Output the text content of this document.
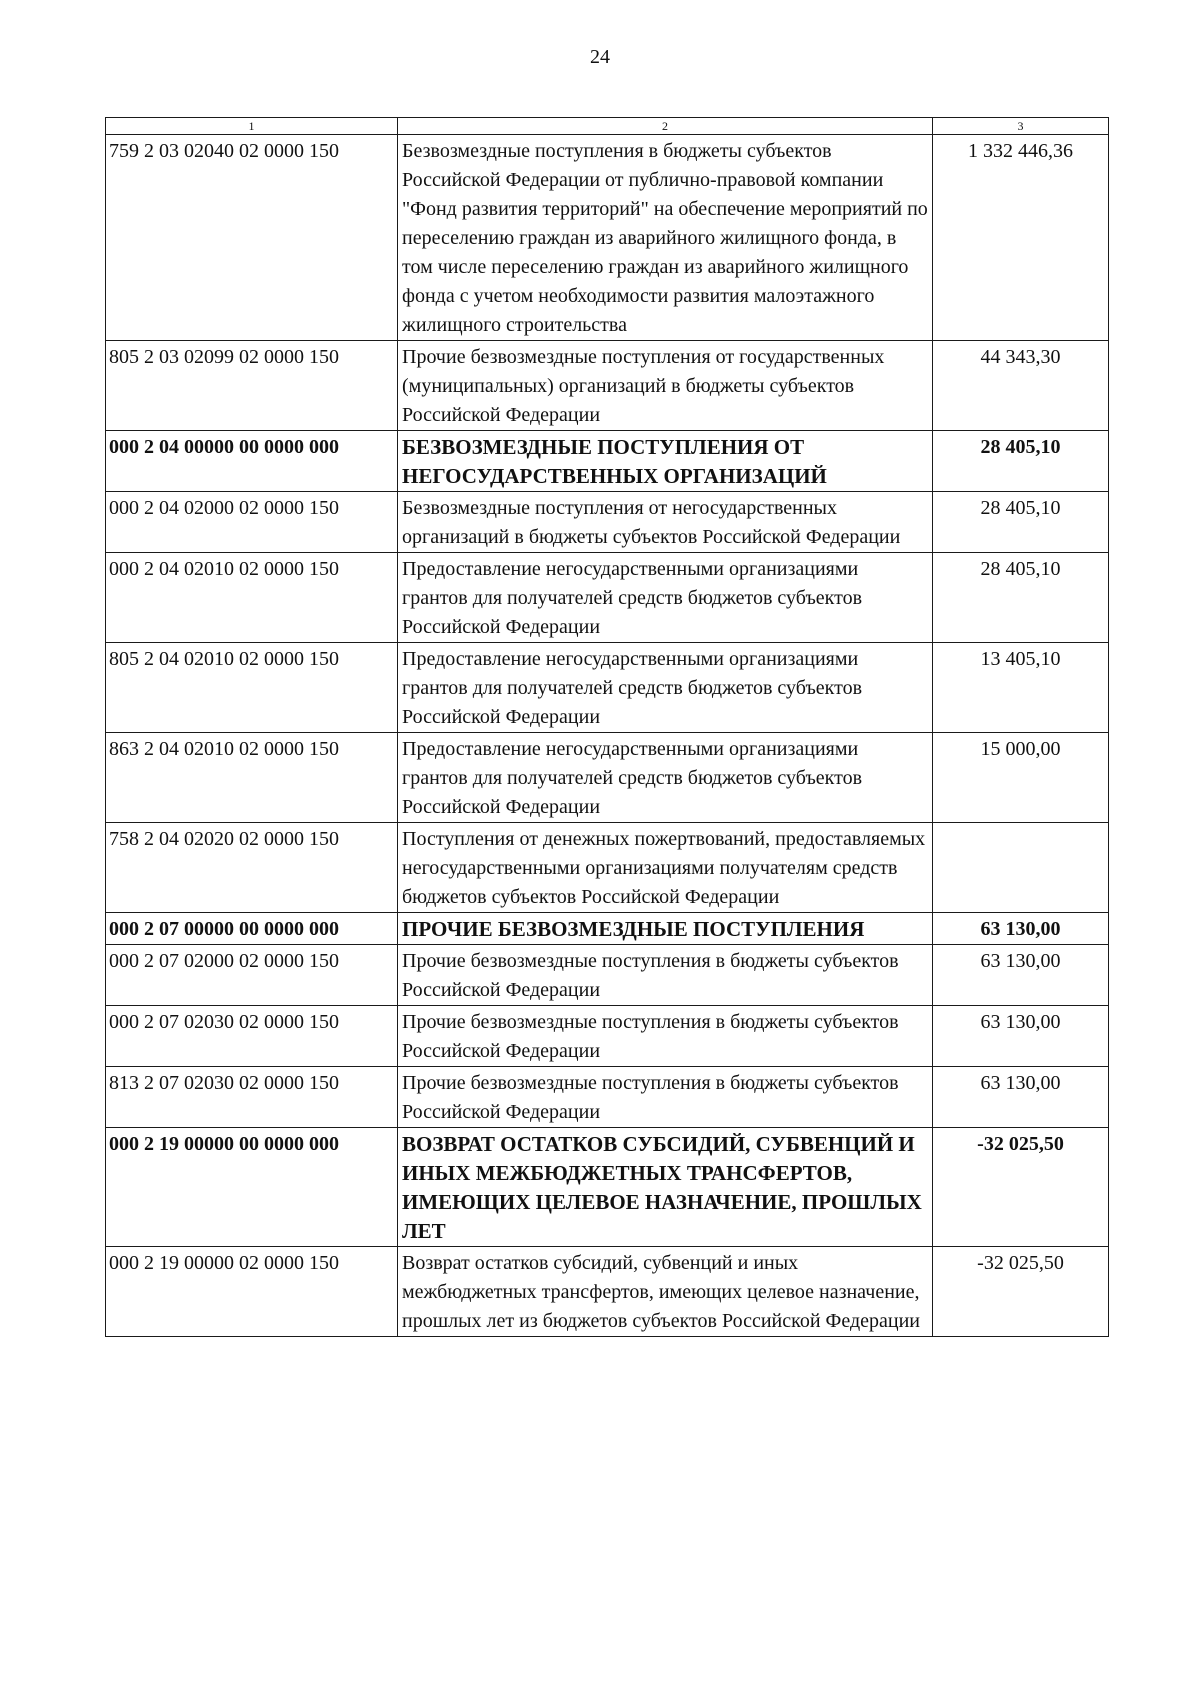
24
1	2	3
759 2 03 02040 02 0000 150	Безвозмездные поступления в бюджеты субъектов Российской Федерации от публично-правовой компании "Фонд развития территорий" на обеспечение мероприятий по переселению граждан из аварийного жилищного фонда, в том числе переселению граждан из аварийного жилищного фонда с учетом необходимости развития малоэтажного жилищного строительства	1 332 446,36
805 2 03 02099 02 0000 150	Прочие безвозмездные поступления от государственных (муниципальных) организаций в бюджеты субъектов Российской Федерации	44 343,30
000 2 04 00000 00 0000 000	БЕЗВОЗМЕЗДНЫЕ ПОСТУПЛЕНИЯ ОТ НЕГОСУДАРСТВЕННЫХ ОРГАНИЗАЦИЙ	28 405,10
000 2 04 02000 02 0000 150	Безвозмездные поступления от негосударственных организаций в бюджеты субъектов Российской Федерации	28 405,10
000 2 04 02010 02 0000 150	Предоставление негосударственными организациями грантов для получателей средств бюджетов субъектов Российской Федерации	28 405,10
805 2 04 02010 02 0000 150	Предоставление негосударственными организациями грантов для получателей средств бюджетов субъектов Российской Федерации	13 405,10
863 2 04 02010 02 0000 150	Предоставление негосударственными организациями грантов для получателей средств бюджетов субъектов Российской Федерации	15 000,00
758 2 04 02020 02 0000 150	Поступления от денежных пожертвований, предоставляемых негосударственными организациями получателям средств бюджетов субъектов Российской Федерации	
000 2 07 00000 00 0000 000	ПРОЧИЕ БЕЗВОЗМЕЗДНЫЕ ПОСТУПЛЕНИЯ	63 130,00
000 2 07 02000 02 0000 150	Прочие безвозмездные поступления в бюджеты субъектов Российской Федерации	63 130,00
000 2 07 02030 02 0000 150	Прочие безвозмездные поступления в бюджеты субъектов Российской Федерации	63 130,00
813 2 07 02030 02 0000 150	Прочие безвозмездные поступления в бюджеты субъектов Российской Федерации	63 130,00
000 2 19 00000 00 0000 000	ВОЗВРАТ ОСТАТКОВ СУБСИДИЙ, СУБВЕНЦИЙ И ИНЫХ МЕЖБЮДЖЕТНЫХ ТРАНСФЕРТОВ, ИМЕЮЩИХ ЦЕЛЕВОЕ НАЗНАЧЕНИЕ, ПРОШЛЫХ ЛЕТ	-32 025,50
000 2 19 00000 02 0000 150	Возврат остатков субсидий, субвенций и иных межбюджетных трансфертов, имеющих целевое назначение, прошлых лет из бюджетов субъектов Российской Федерации	-32 025,50
